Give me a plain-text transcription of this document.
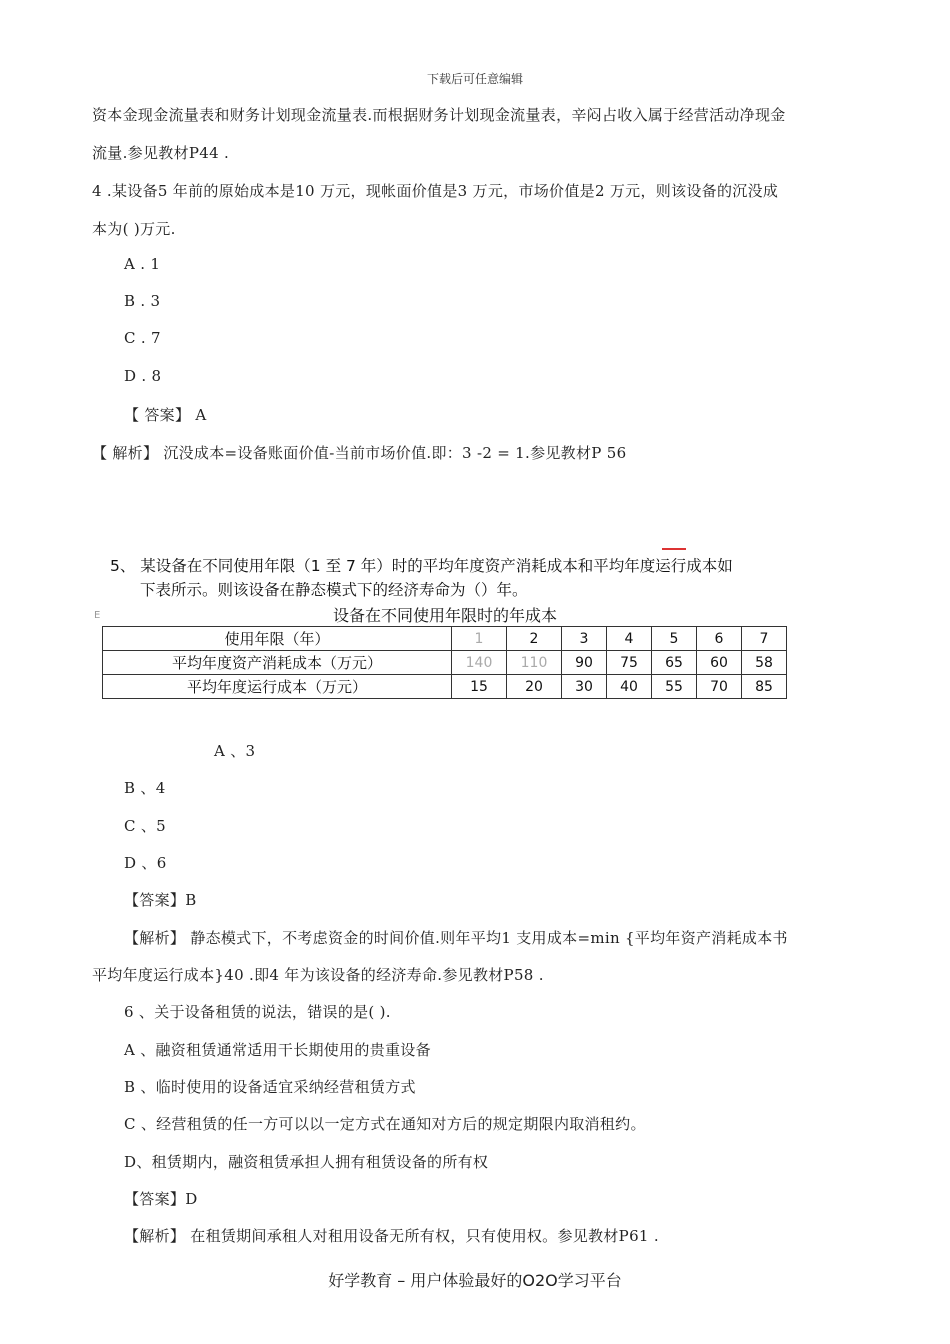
下载后可任意编辑
资本金现金流量表和财务计划现金流量表.而根据财务计划现金流量表，辛闷占收入属于经营活动净现金
流量.参见教材P44 .
4 .某设备5 年前的原始成本是10 万元，现帐面价值是3 万元，市场价值是2 万元，则该设备的沉没成
本为( )万元.
A . 1
B . 3
C . 7
D . 8
【 答案】 A
【 解析】 沉没成本=设备账面价值-当前市场价值.即：3 -2 = 1.参见教材P 56
5、 某设备在不同使用年限（1 至 7 年）时的平均年度资产消耗成本和平均年度运行成本如
下表所示。则该设备在静态模式下的经济寿命为（）年。
E	设备在不同使用年限时的年成本
使用年限（年）	1	2	3	4	5	6	7
平均年度资产消耗成本（万元）	140	110	90	75	65	60	58
平均年度运行成本（万元）	15	20	30	40	55	70	85
A 、3
B 、4
C 、5
D 、6
【答案】B
【解析】 静态模式下，不考虑资金的时间价值.则年平均1 支用成本=min {平均年资产消耗成本书
平均年度运行成本}40 .即4 年为该设备的经济寿命.参见教材P58 .
6 、关于设备租赁的说法，错误的是( ).
A 、融资租赁通常适用干长期使用的贵重设备
B 、临时使用的设备适宜采纳经营租赁方式
C 、经营租赁的任一方可以以一定方式在通知对方后的规定期限内取消租约。
D、租赁期内，融资租赁承担人拥有租赁设备的所有权
【答案】D
【解析】 在租赁期间承租人对租用设备无所有权，只有使用权。参见教材P61 .
好学教育 – 用户体验最好的O2O学习平台
